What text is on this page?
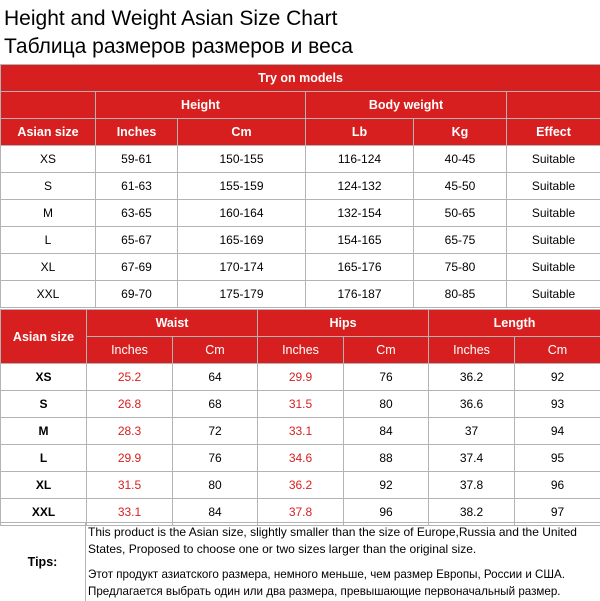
Height and Weight Asian Size Chart
Таблица размеров размеров и веса
Try on models					
	Height		Body weight		
Asian size	Inches	Cm	Lb	Kg	Effect
XS	59-61	150-155	116-124	40-45	Suitable
S	61-63	155-159	124-132	45-50	Suitable
M	63-65	160-164	132-154	50-65	Suitable
L	65-67	165-169	154-165	65-75	Suitable
XL	67-69	170-174	165-176	75-80	Suitable
XXL	69-70	175-179	176-187	80-85	Suitable
Asian size	Waist		Hips		Length	
	Inches	Cm	Inches	Cm	Inches	Cm
XS	25.2	64	29.9	76	36.2	92
S	26.8	68	31.5	80	36.6	93
M	28.3	72	33.1	84	37	94
L	29.9	76	34.6	88	37.4	95
XL	31.5	80	36.2	92	37.8	96
XXL	33.1	84	37.8	96	38.2	97
Tips:

This product is the Asian size, slightly smaller than the size of Europe,Russia and the United States, Proposed to choose one or two sizes larger than the original size.

Этот продукт азиатского размера, немного меньше, чем размер Европы, России и США. Предлагается выбрать один или два размера, превышающие первоначальный размер.
